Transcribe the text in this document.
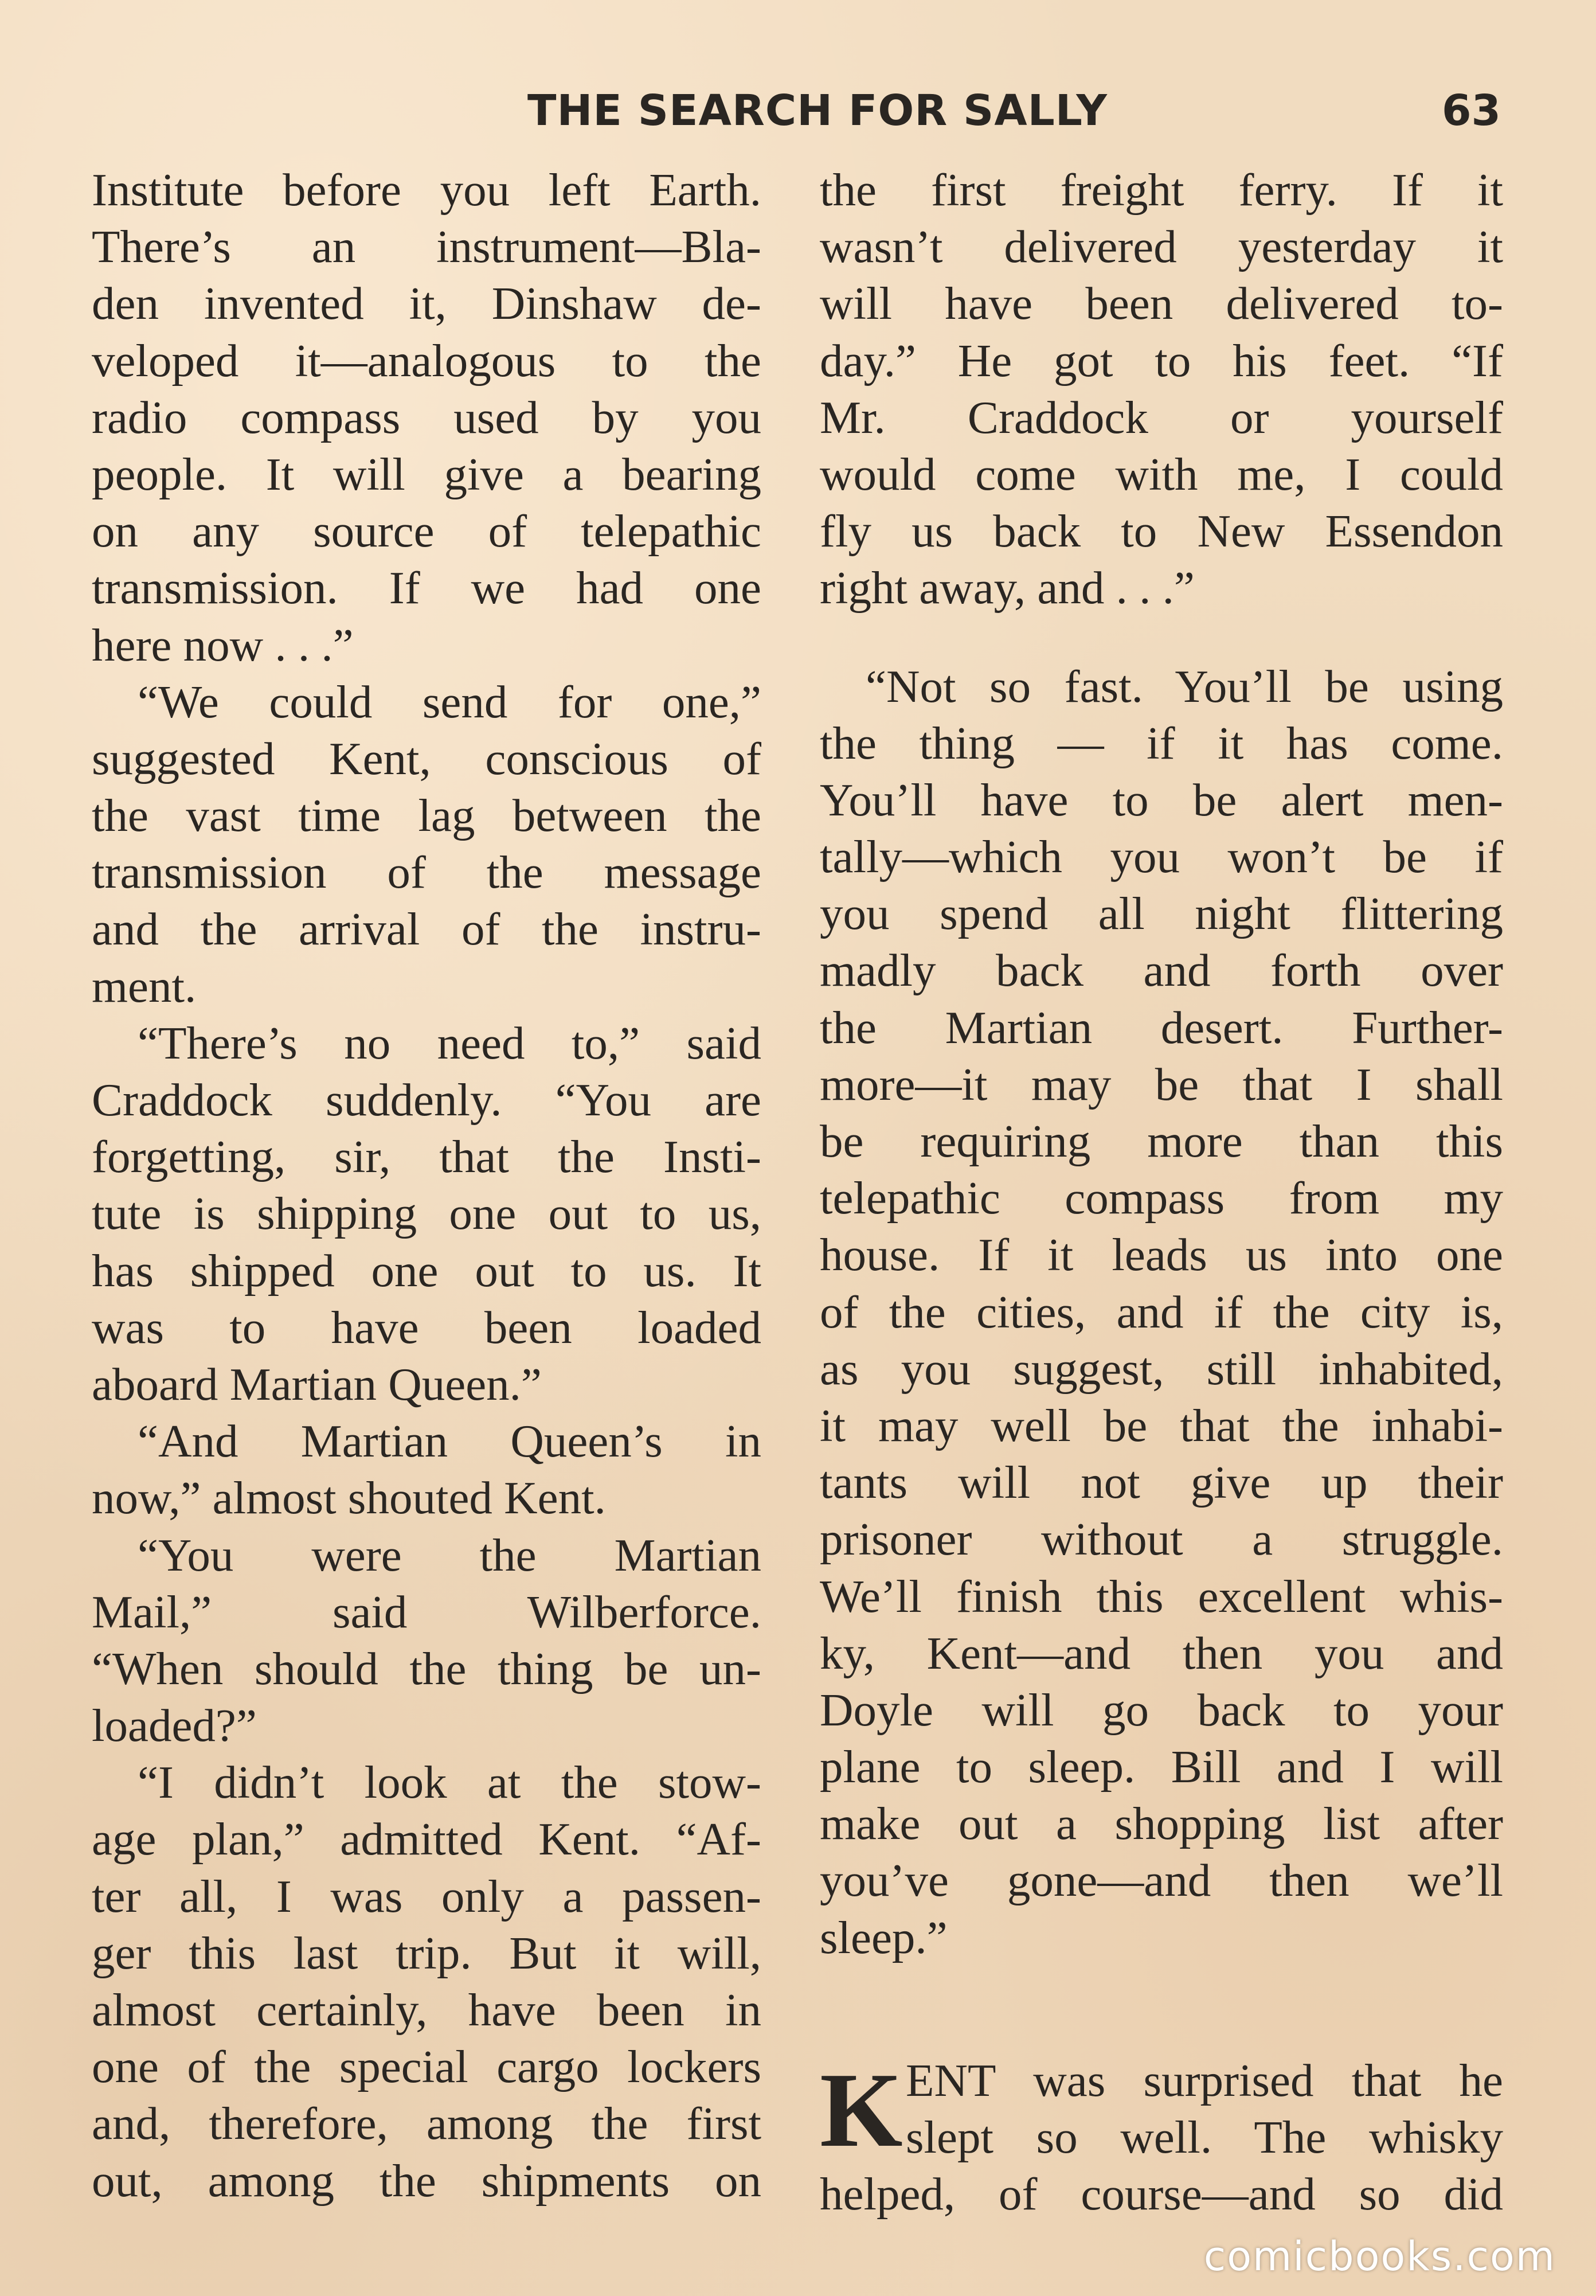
THE SEARCH FOR SALLY	63
Institute before you left Earth.
There’s an instrument—Bla-
den invented it, Dinshaw de-
veloped it—analogous to the
radio compass used by you
people. It will give a bearing
on any source of telepathic
transmission. If we had one
here now . . .”
“We could send for one,”
suggested Kent, conscious of
the vast time lag between the
transmission of the message
and the arrival of the instru-
ment.
“There’s no need to,” said
Craddock suddenly. “You are
forgetting, sir, that the Insti-
tute is shipping one out to us,
has shipped one out to us. It
was to have been loaded
aboard Martian Queen.”
“And Martian Queen’s in
now,” almost shouted Kent.
“You were the Martian
Mail,” said Wilberforce.
“When should the thing be un-
loaded?”
“I didn’t look at the stow-
age plan,” admitted Kent. “Af-
ter all, I was only a passen-
ger this last trip. But it will,
almost certainly, have been in
one of the special cargo lockers
and, therefore, among the first
out, among the shipments on
the first freight ferry. If it
wasn’t delivered yesterday it
will have been delivered to-
day.” He got to his feet. “If
Mr. Craddock or yourself
would come with me, I could
fly us back to New Essendon
right away, and . . .”
“Not so fast. You’ll be using
the thing — if it has come.
You’ll have to be alert men-
tally—which you won’t be if
you spend all night flittering
madly back and forth over
the Martian desert. Further-
more—it may be that I shall
be requiring more than this
telepathic compass from my
house. If it leads us into one
of the cities, and if the city is,
as you suggest, still inhabited,
it may well be that the inhabi-
tants will not give up their
prisoner without a struggle.
We’ll finish this excellent whis-
ky, Kent—and then you and
Doyle will go back to your
plane to sleep. Bill and I will
make out a shopping list after
you’ve gone—and then we’ll
sleep.”
K ENT was surprised that he
slept so well. The whisky
helped, of course—and so did
comicbooks.com
